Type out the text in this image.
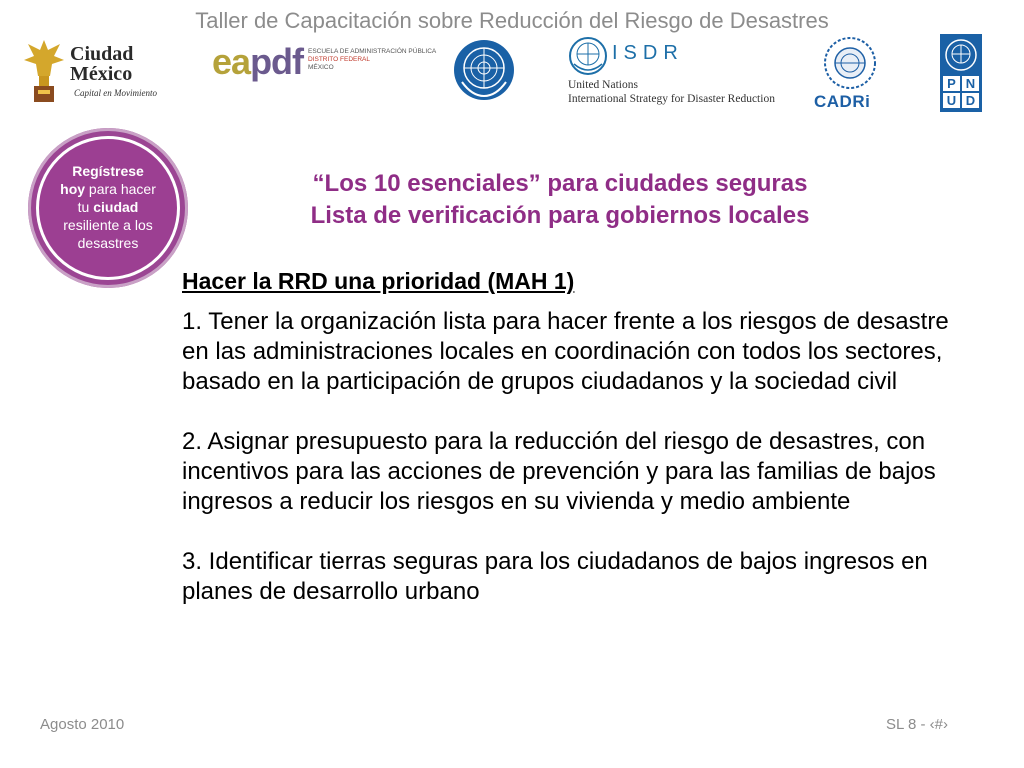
Taller de Capacitación sobre Reducción del Riesgo de Desastres
Ciudad
México
Capital en Movimiento
eapdf ESCUELA DE ADMINISTRACIÓN PÚBLICA
DISTRITO FEDERAL
MÉXICO
ISDR
United Nations
International Strategy for Disaster Reduction CADRi
P N
U D
Regístrese
hoy para hacer
tu ciudad
resiliente a los
desastres
“Los 10 esenciales” para ciudades seguras
Lista de verificación para gobiernos locales
Hacer la RRD una prioridad (MAH 1)
1. Tener la organización lista para hacer frente a los riesgos de desastre en las administraciones locales en coordinación con todos los sectores, basado en la participación de grupos ciudadanos y la sociedad civil
2. Asignar presupuesto para la reducción del riesgo de desastres, con incentivos para las acciones de prevención y para las familias de bajos ingresos a reducir los riesgos en su vivienda y medio ambiente
3. Identificar tierras seguras para los ciudadanos de bajos ingresos en planes de desarrollo urbano
Agosto 2010	SL 8 - ‹#›
